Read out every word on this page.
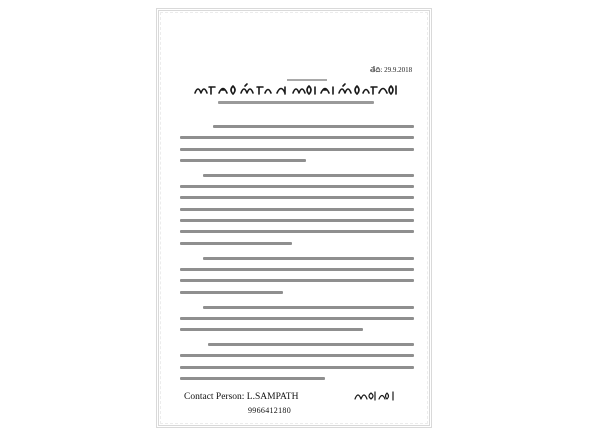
తేది: 29.9.2018
Contact Person: L.SAMPATH
9966412180
